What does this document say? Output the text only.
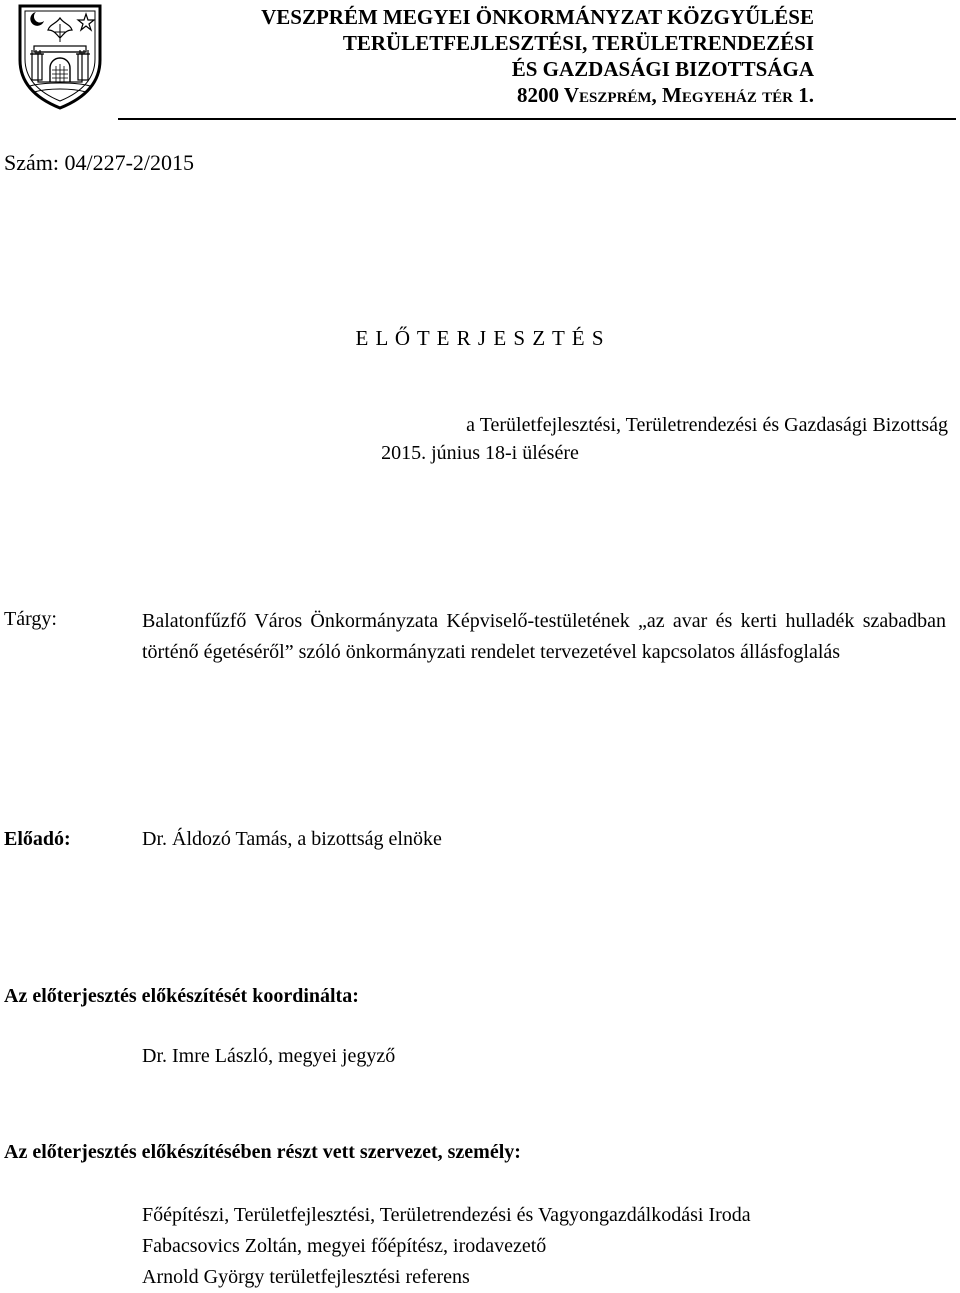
VESZPRÉM MEGYEI ÖNKORMÁNYZAT KÖZGYŰLÉSE
TERÜLETFEJLESZTÉSI, TERÜLETRENDEZÉSI
ÉS GAZDASÁGI BIZOTTSÁGA
8200 Veszprém, Megyeház tér 1.
Szám: 04/227-2/2015
E L Ő T E R J E S Z T É S
a Területfejlesztési, Területrendezési és Gazdasági Bizottság
2015. június 18-i ülésére
Tárgy:	Balatonfűzfő Város Önkormányzata Képviselő-testületének „az avar és kerti hulladék szabadban történő égetéséről” szóló önkormányzati rendelet tervezetével kapcsolatos állásfoglalás
Előadó:	Dr. Áldozó Tamás, a bizottság elnöke
Az előterjesztés előkészítését koordinálta:
Dr. Imre László, megyei jegyző
Az előterjesztés előkészítésében részt vett szervezet, személy:
Főépítészi, Területfejlesztési, Területrendezési és Vagyongazdálkodási Iroda
Fabacsovics Zoltán, megyei főépítész, irodavezető
Arnold György területfejlesztési referens
